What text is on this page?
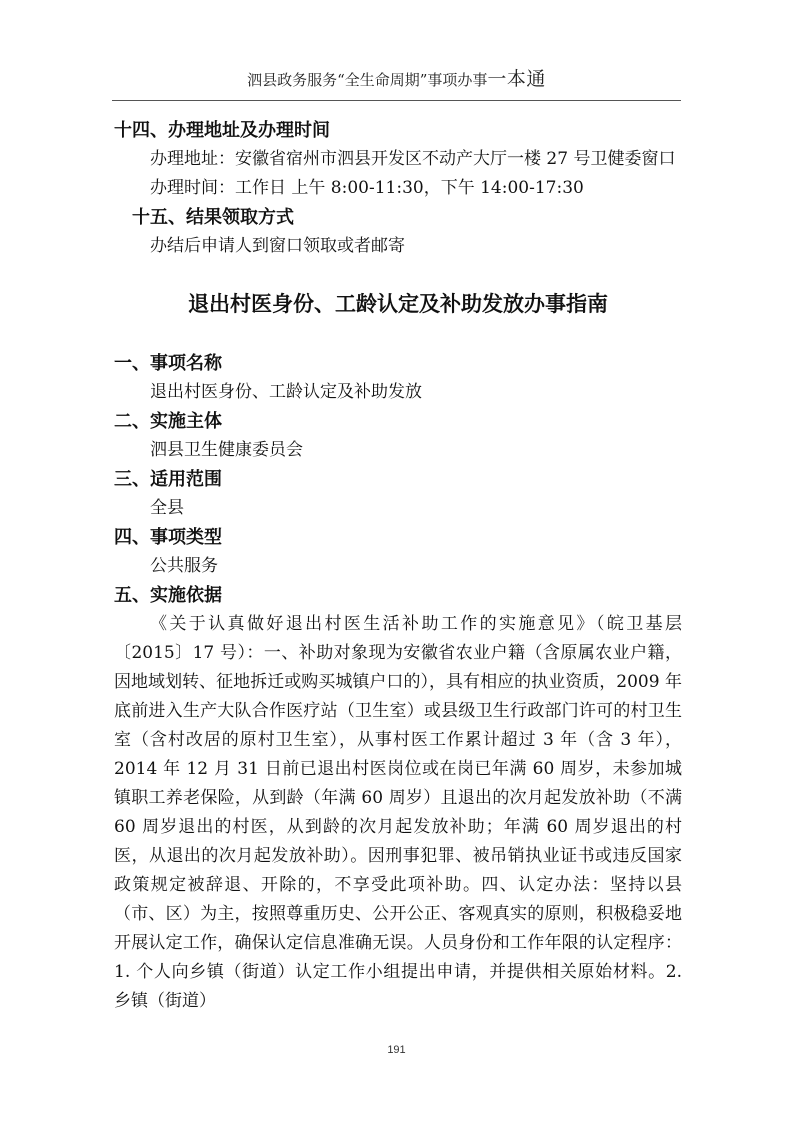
泗县政务服务“全生命周期”事项办事一本通

十四、办理地址及办理时间

办理地址：安徽省宿州市泗县开发区不动产大厅一楼 27 号卫健委窗口

办理时间：工作日 上午 8:00-11:30，下午 14:00-17:30

十五、结果领取方式

办结后申请人到窗口领取或者邮寄

退出村医身份、工龄认定及补助发放办事指南

一、事项名称

退出村医身份、工龄认定及补助发放

二、实施主体

泗县卫生健康委员会

三、适用范围

全县

四、事项类型

公共服务

五、实施依据

《关于认真做好退出村医生活补助工作的实施意见》（皖卫基层〔2015〕17 号）：一、补助对象现为安徽省农业户籍（含原属农业户籍，因地域划转、征地拆迁或购买城镇户口的），具有相应的执业资质，2009 年底前进入生产大队合作医疗站（卫生室）或县级卫生行政部门许可的村卫生室（含村改居的原村卫生室），从事村医工作累计超过 3 年（含 3 年），2014 年 12 月 31 日前已退出村医岗位或在岗已年满 60 周岁，未参加城镇职工养老保险，从到龄（年满 60 周岁）且退出的次月起发放补助（不满 60 周岁退出的村医，从到龄的次月起发放补助；年满 60 周岁退出的村医，从退出的次月起发放补助）。因刑事犯罪、被吊销执业证书或违反国家政策规定被辞退、开除的，不享受此项补助。四、认定办法：坚持以县（市、区）为主，按照尊重历史、公开公正、客观真实的原则，积极稳妥地开展认定工作，确保认定信息准确无误。人员身份和工作年限的认定程序：1. 个人向乡镇（街道）认定工作小组提出申请，并提供相关原始材料。2. 乡镇（街道）

191
